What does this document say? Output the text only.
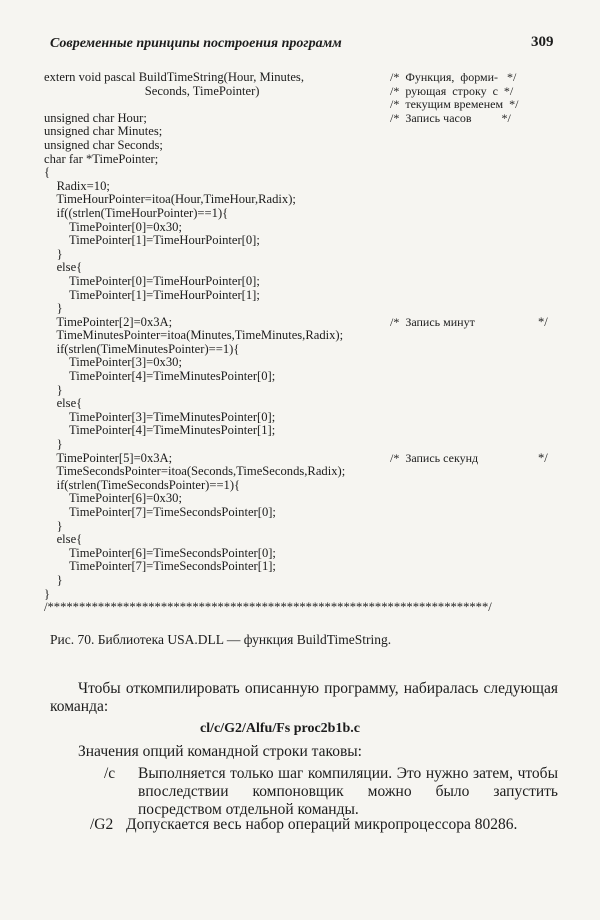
Современные принципы построения программ	309
extern void pascal BuildTimeString(Hour, Minutes,	/*  Функция,  форми-   */
Seconds, TimePointer)	/*  рующая  строку  с  */
/*  текущим временем  */
unsigned char Hour;	/*  Запись часов          */
unsigned char Minutes;
unsigned char Seconds;
char far *TimePointer;
{
Radix=10;
TimeHourPointer=itoa(Hour,TimeHour,Radix);
if((strlen(TimeHourPointer)==1){
TimePointer[0]=0x30;
TimePointer[1]=TimeHourPointer[0];
}
else{
TimePointer[0]=TimeHourPointer[0];
TimePointer[1]=TimeHourPointer[1];
}
TimePointer[2]=0x3A;	/*  Запись минут	*/
TimeMinutesPointer=itoa(Minutes,TimeMinutes,Radix);
if(strlen(TimeMinutesPointer)==1){
TimePointer[3]=0x30;
TimePointer[4]=TimeMinutesPointer[0];
}
else{
TimePointer[3]=TimeMinutesPointer[0];
TimePointer[4]=TimeMinutesPointer[1];
}
TimePointer[5]=0x3A;	/*  Запись секунд	*/
TimeSecondsPointer=itoa(Seconds,TimeSeconds,Radix);
if(strlen(TimeSecondsPointer)==1){
TimePointer[6]=0x30;
TimePointer[7]=TimeSecondsPointer[0];
}
else{
TimePointer[6]=TimeSecondsPointer[0];
TimePointer[7]=TimeSecondsPointer[1];
}
}
/**********************************************************************/
Рис. 70. Библиотека USA.DLL — функция BuildTimeString.
Чтобы откомпилировать описанную программу, набиралась следующая команда:
cl/c/G2/Alfu/Fs proc2b1b.c
Значения опций командной строки таковы:
/c Выполняется только шаг компиляции. Это нужно затем, чтобы впоследствии компоновщик можно было запустить посредством отдельной команды.
/G2 Допускается весь набор операций микропроцессора 80286.
